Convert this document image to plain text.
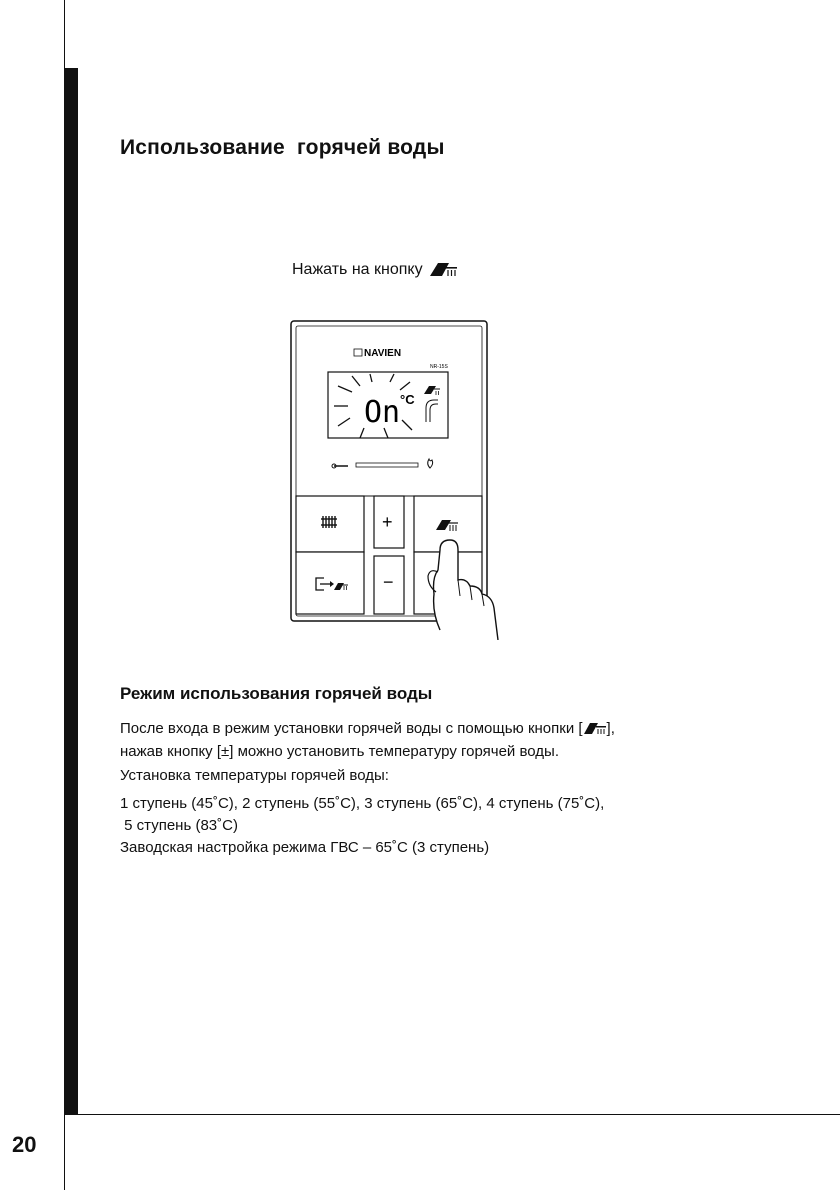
20
Использование  горячей воды
Нажать на кнопку
NAVIEN
NR-15S
On °C
+
−
Режим использования горячей воды
После входа в режим установки горячей воды с помощью кнопки [ ],
нажав кнопку [±] можно установить температуру горячей воды.
Установка температуры горячей воды:
1 ступень (45˚C), 2 ступень (55˚C), 3 ступень (65˚C), 4 ступень (75˚C),
5 ступень (83˚C)
Заводская настройка режима ГВС – 65˚C (3 ступень)
